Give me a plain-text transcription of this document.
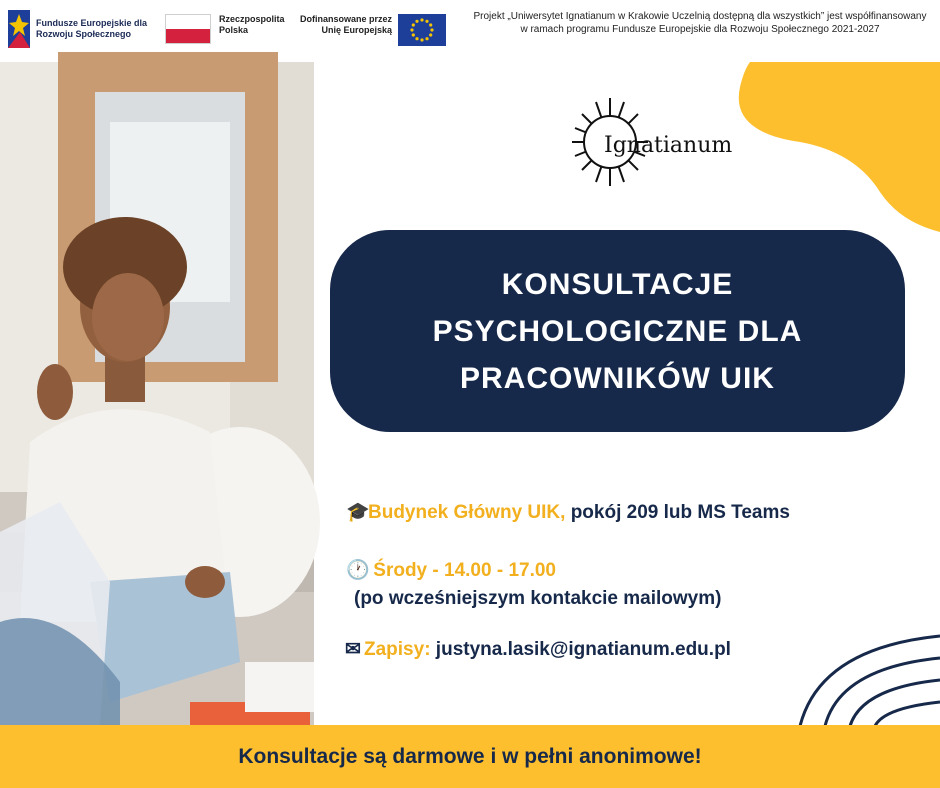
Fundusze Europejskie dla Rozwoju Społecznego
Rzeczpospolita Polska
Dofinansowane przez Unię Europejską
Projekt „Uniwersytet Ignatianum w Krakowie Uczelnią dostępną dla wszystkich” jest współfinansowany w ramach programu Fundusze Europejskie dla Rozwoju Społecznego 2021-2027
Ignatianum
KONSULTACJE
PSYCHOLOGICZNE DLA
PRACOWNIKÓW UIK
🎓Budynek Główny UIK, pokój 209 lub MS Teams
🕐 Środy - 14.00 - 17.00
(po wcześniejszym kontakcie mailowym)
✉ Zapisy: justyna.lasik@ignatianum.edu.pl
Konsultacje są darmowe i w pełni anonimowe!
